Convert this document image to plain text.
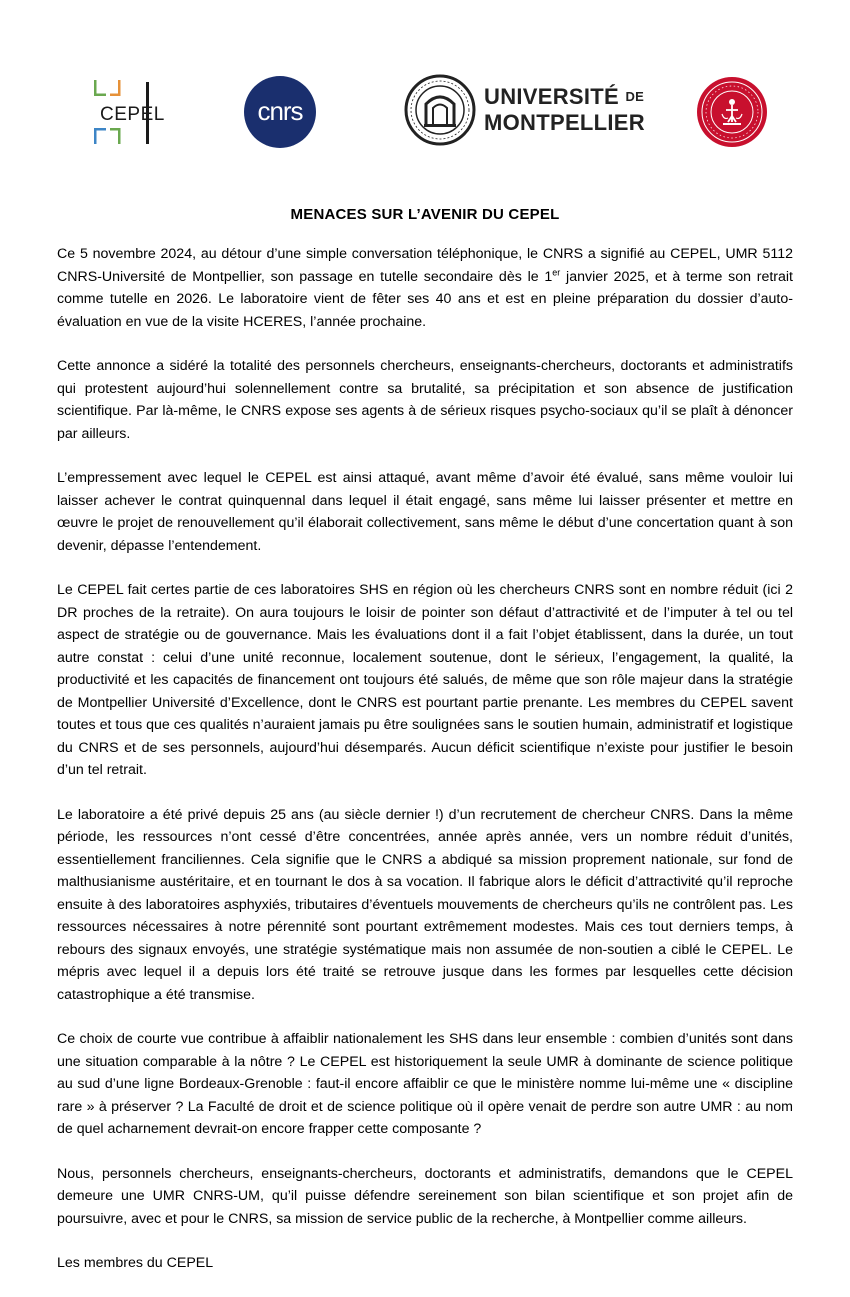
CEPEL	cnrs	UNIVERSITÉ DE
MONTPELLIER
MENACES SUR L’AVENIR DU CEPEL

Ce 5 novembre 2024, au détour d’une simple conversation téléphonique, le CNRS a signifié au CEPEL, UMR 5112 CNRS-Université de Montpellier, son passage en tutelle secondaire dès le 1er janvier 2025, et à terme son retrait comme tutelle en 2026. Le laboratoire vient de fêter ses 40 ans et est en pleine préparation du dossier d’auto-évaluation en vue de la visite HCERES, l’année prochaine.

Cette annonce a sidéré la totalité des personnels chercheurs, enseignants-chercheurs, doctorants et administratifs qui protestent aujourd’hui solennellement contre sa brutalité, sa précipitation et son absence de justification scientifique. Par là-même, le CNRS expose ses agents à de sérieux risques psycho-sociaux qu’il se plaît à dénoncer par ailleurs.

L’empressement avec lequel le CEPEL est ainsi attaqué, avant même d’avoir été évalué, sans même vouloir lui laisser achever le contrat quinquennal dans lequel il était engagé, sans même lui laisser présenter et mettre en œuvre le projet de renouvellement qu’il élaborait collectivement, sans même le début d’une concertation quant à son devenir, dépasse l’entendement.

Le CEPEL fait certes partie de ces laboratoires SHS en région où les chercheurs CNRS sont en nombre réduit (ici 2 DR proches de la retraite). On aura toujours le loisir de pointer son défaut d’attractivité et de l’imputer à tel ou tel aspect de stratégie ou de gouvernance. Mais les évaluations dont il a fait l’objet établissent, dans la durée, un tout autre constat : celui d’une unité reconnue, localement soutenue, dont le sérieux, l’engagement, la qualité, la productivité et les capacités de financement ont toujours été salués, de même que son rôle majeur dans la stratégie de Montpellier Université d’Excellence, dont le CNRS est pourtant partie prenante. Les membres du CEPEL savent toutes et tous que ces qualités n’auraient jamais pu être soulignées sans le soutien humain, administratif et logistique du CNRS et de ses personnels, aujourd’hui désemparés. Aucun déficit scientifique n’existe pour justifier le besoin d’un tel retrait.

Le laboratoire a été privé depuis 25 ans (au siècle dernier !) d’un recrutement de chercheur CNRS. Dans la même période, les ressources n’ont cessé d’être concentrées, année après année, vers un nombre réduit d’unités, essentiellement franciliennes. Cela signifie que le CNRS a abdiqué sa mission proprement nationale, sur fond de malthusianisme austéritaire, et en tournant le dos à sa vocation. Il fabrique alors le déficit d’attractivité qu’il reproche ensuite à des laboratoires asphyxiés, tributaires d’éventuels mouvements de chercheurs qu’ils ne contrôlent pas. Les ressources nécessaires à notre pérennité sont pourtant extrêmement modestes. Mais ces tout derniers temps, à rebours des signaux envoyés, une stratégie systématique mais non assumée de non-soutien a ciblé le CEPEL. Le mépris avec lequel il a depuis lors été traité se retrouve jusque dans les formes par lesquelles cette décision catastrophique a été transmise.

Ce choix de courte vue contribue à affaiblir nationalement les SHS dans leur ensemble : combien d’unités sont dans une situation comparable à la nôtre ? Le CEPEL est historiquement la seule UMR à dominante de science politique au sud d’une ligne Bordeaux-Grenoble : faut-il encore affaiblir ce que le ministère nomme lui-même une « discipline rare » à préserver ? La Faculté de droit et de science politique où il opère venait de perdre son autre UMR : au nom de quel acharnement devrait-on encore frapper cette composante ?

Nous, personnels chercheurs, enseignants-chercheurs, doctorants et administratifs, demandons que le CEPEL demeure une UMR CNRS-UM, qu’il puisse défendre sereinement son bilan scientifique et son projet afin de poursuivre, avec et pour le CNRS, sa mission de service public de la recherche, à Montpellier comme ailleurs.

Les membres du CEPEL
